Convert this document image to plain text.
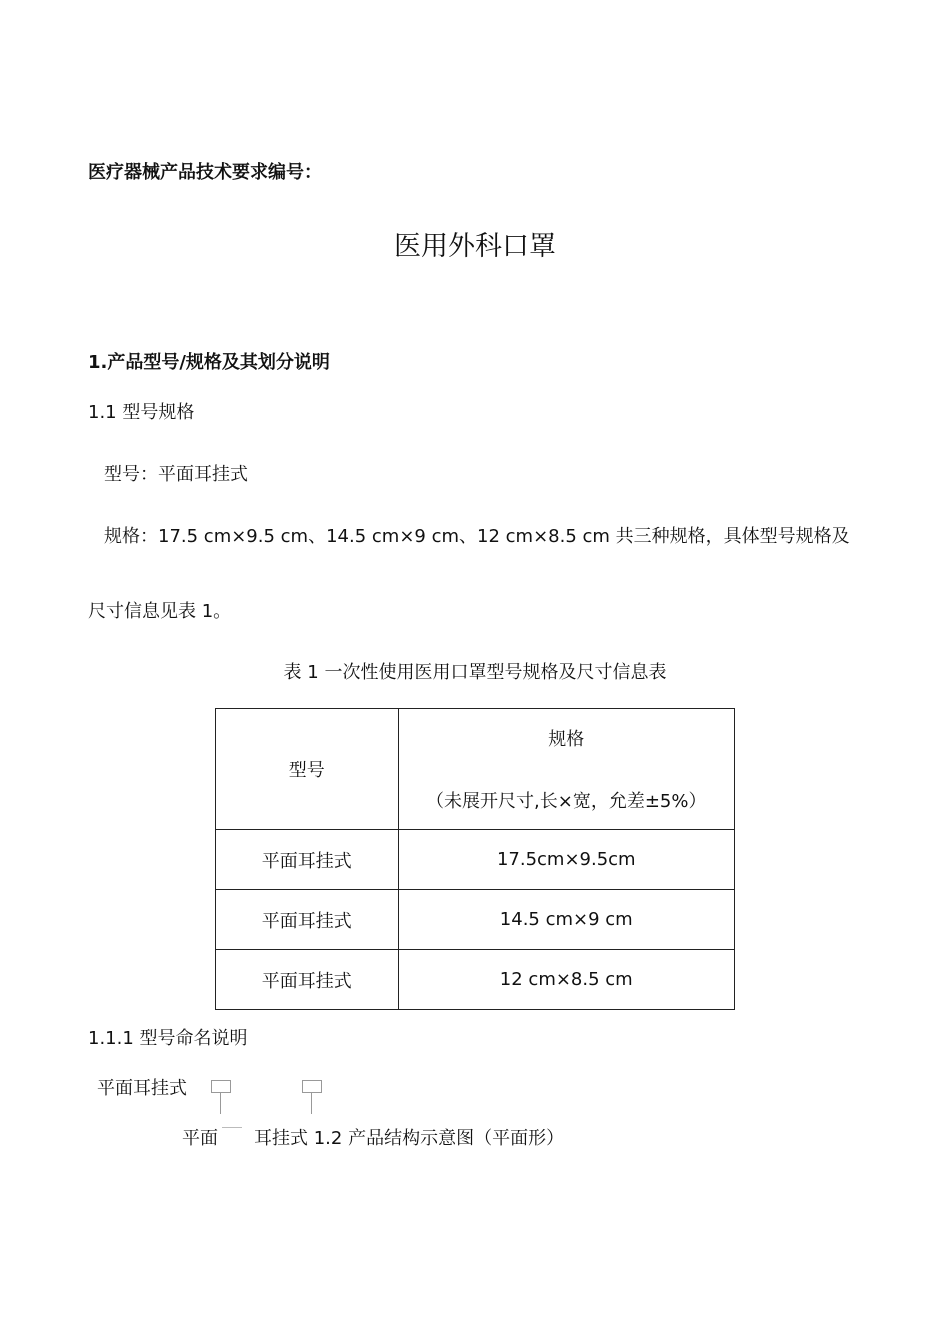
医疗器械产品技术要求编号：
医用外科口罩
1.产品型号/规格及其划分说明
1.1 型号规格
型号：平面耳挂式
规格：17.5 cm×9.5 cm、14.5 cm×9 cm、12 cm×8.5 cm 共三种规格，具体型号规格及
尺寸信息见表 1。
表 1 一次性使用医用口罩型号规格及尺寸信息表
型号	规格
（未展开尺寸,长×宽，允差±5%）

平面耳挂式	17.5cm×9.5cm
平面耳挂式	14.5 cm×9 cm
平面耳挂式	12 cm×8.5 cm
1.1.1 型号命名说明
平面耳挂式
平面 耳挂式 1.2 产品结构示意图（平面形）
